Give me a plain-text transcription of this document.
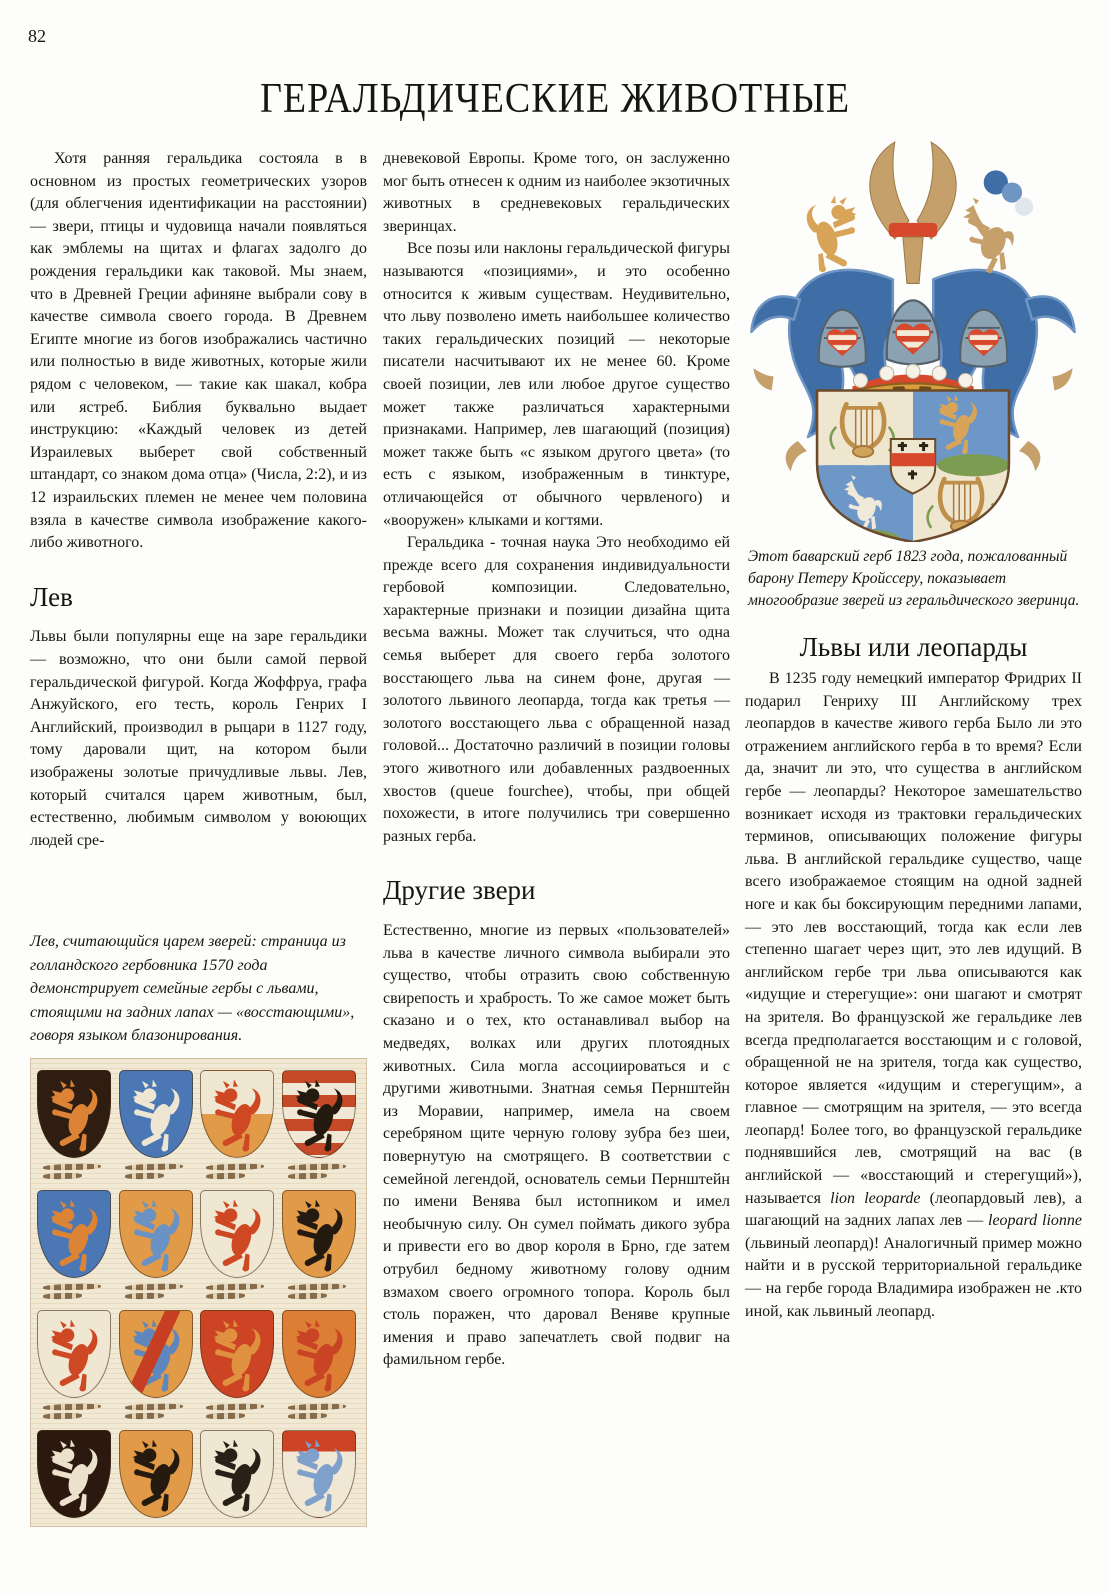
82
ГЕРАЛЬДИЧЕСКИЕ ЖИВОТНЫЕ

Хотя ранняя геральдика состояла в в основном из простых геометрических узоров (для облегчения идентификации на расстоянии) — звери, птицы и чудовища начали появляться как эмблемы на щитах и флагах задолго до рождения геральдики как таковой. Мы знаем, что в Древней Греции афиняне выбрали сову в качестве символа своего города. В Древнем Египте многие из богов изображались частично или полностью в виде животных, которые жили рядом с человеком, — такие как шакал, кобра или ястреб. Библия буквально выдает инструкцию: «Каждый человек из детей Израилевых выберет свой собственный штандарт, со знаком дома отца» (Числа, 2:2), и из 12 израильских племен не менее чем половина взяла в качестве символа изображение какого-либо животного.

Лев

Львы были популярны еще на заре геральдики — возможно, что они были самой первой геральдической фигурой. Когда Жоффруа, графа Анжуйского, его тесть, король Генрих I Английский, производил в рыцари в 1127 году, тому даровали щит, на котором были изображены золотые причудливые львы. Лев, который считался царем животным, был, естественно, любимым символом у воюющих людей сре-

Лев, считающийся царем зверей: страница из голландского гербовника 1570 года демонстрирует семейные гербы с львами, стоящими на задних лапах — «восстающими», говоря языком блазонирования.

дневековой Европы. Кроме того, он заслуженно мог быть отнесен к одним из наиболее экзотичных животных в средневековых геральдических зверинцах.

Все позы или наклоны геральдической фигуры называются «позициями», и это особенно относится к живым существам. Неудивительно, что льву позволено иметь наибольшее количество таких геральдических позиций — некоторые писатели насчитывают их не менее 60. Кроме своей позиции, лев или любое другое существо может также различаться характерными признаками. Например, лев шагающий (позиция) может также быть «с языком другого цвета» (то есть с языком, изображенным в тинктуре, отличающейся от обычного червленого) и «вооружен» клыками и когтями.

Геральдика - точная наука Это необходимо ей прежде всего для сохранения индивидуальности гербовой композиции. Следовательно, характерные признаки и позиции дизайна щита весьма важны. Может так случиться, что одна семья выберет для своего герба золотого восстающего льва на синем фоне, другая — золотого львиного леопарда, тогда как третья — золотого восстающего льва с обращенной назад головой... Достаточно различий в позиции головы этого животного или добавленных раздвоенных хвостов (queue fourchee), чтобы, при общей похожести, в итоге получились три совершенно разных герба.

Другие звери

Естественно, многие из первых «пользователей» льва в качестве личного символа выбирали это существо, чтобы отразить свою собственную свирепость и храбрость. То же самое может быть сказано и о тех, кто останавливал выбор на медведях, волках или других плотоядных животных. Сила могла ассоциироваться и с другими животными. Знатная семья Пернштейн из Моравии, например, имела на своем серебряном щите черную голову зубра без шеи, повернутую на смотрящего. В соответствии с семейной легендой, основатель семьи Пернштейн по имени Венява был истопником и имел необычную силу. Он сумел поймать дикого зубра и привести его во двор короля в Брно, где затем отрубил бедному животному голову одним взмахом своего огромного топора. Король был столь поражен, что даровал Веняве крупные имения и право запечатлеть свой подвиг на фамильном гербе.

Этот баварский герб 1823 года, пожалованный барону Петеру Кройссеру, показывает многообразие зверей из геральдического зверинца.
Львы или леопарды

В 1235 году немецкий император Фридрих II подарил Генриху III Английскому трех леопардов в качестве живого герба Было ли это отражением английского герба в то время? Если да, значит ли это, что существа в английском гербе — леопарды? Некоторое замешательство возникает исходя из трактовки геральдических терминов, описывающих положение фигуры льва. В английской геральдике существо, чаще всего изображаемое стоящим на одной задней ноге и как бы боксирующим передними лапами, — это лев восстающий, тогда как если лев степенно шагает через щит, это лев идущий. В английском гербе три льва описываются как «идущие и стерегущие»: они шагают и смотрят на зрителя. Во французской же геральдике лев всегда предполагается восстающим и с головой, обращенной не на зрителя, тогда как существо, которое является «идущим и стерегущим», а главное — смотрящим на зрителя, — это всегда леопард! Более того, во французской геральдике поднявшийся лев, смотрящий на вас (в английской — «восстающий и стерегущий»), называется lion leoparde (леопардовый лев), а шагающий на задних лапах лев — leopard lionne (львиный леопард)! Аналогичный пример можно найти и в русской территориальной геральдике — на гербе города Владимира изображен не .кто иной, как львиный леопард.
